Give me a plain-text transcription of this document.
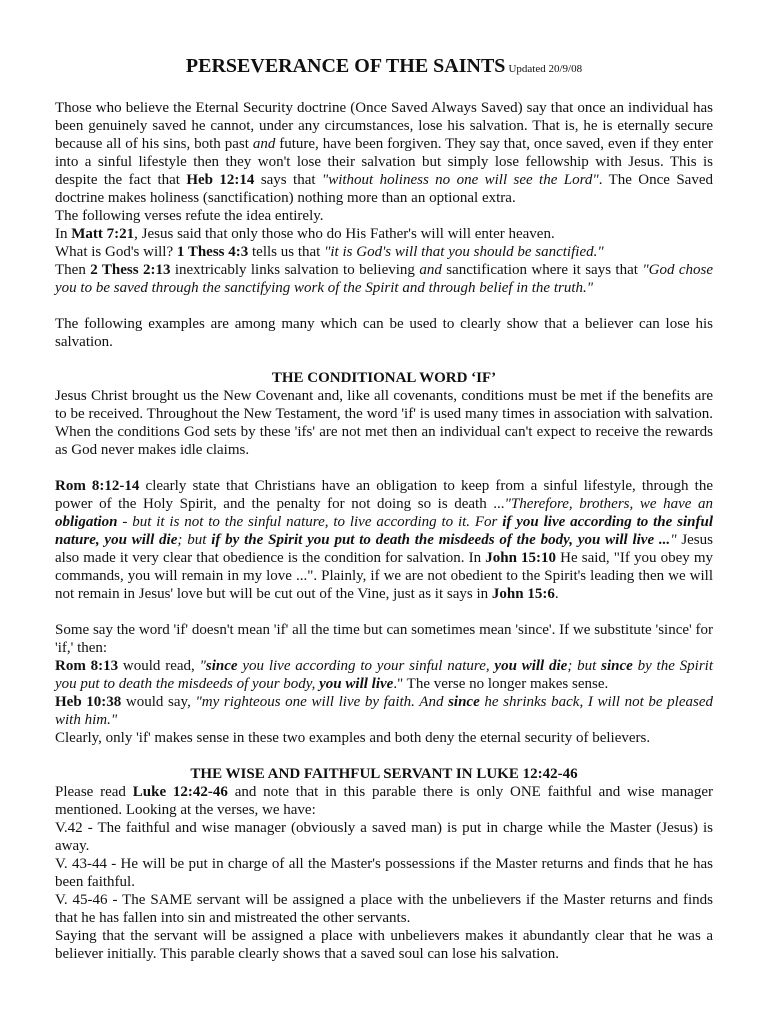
PERSEVERANCE OF THE SAINTS Updated 20/9/08

Those who believe the Eternal Security doctrine (Once Saved Always Saved) say that once an individual has been genuinely saved he cannot, under any circumstances, lose his salvation. That is, he is eternally secure because all of his sins, both past and future, have been forgiven. They say that, once saved, even if they enter into a sinful lifestyle then they won't lose their salvation but simply lose fellowship with Jesus. This is despite the fact that Heb 12:14 says that "without holiness no one will see the Lord". The Once Saved doctrine makes holiness (sanctification) nothing more than an optional extra.

The following verses refute the idea entirely.

In Matt 7:21, Jesus said that only those who do His Father's will will enter heaven.

What is God's will? 1 Thess 4:3 tells us that "it is God's will that you should be sanctified."

Then 2 Thess 2:13 inextricably links salvation to believing and sanctification where it says that "God chose you to be saved through the sanctifying work of the Spirit and through belief in the truth."

The following examples are among many which can be used to clearly show that a believer can lose his salvation.

THE CONDITIONAL WORD ‘IF’

Jesus Christ brought us the New Covenant and, like all covenants, conditions must be met if the benefits are to be received. Throughout the New Testament, the word 'if' is used many times in association with salvation. When the conditions God sets by these 'ifs' are not met then an individual can't expect to receive the rewards as God never makes idle claims.

Rom 8:12-14 clearly state that Christians have an obligation to keep from a sinful lifestyle, through the power of the Holy Spirit, and the penalty for not doing so is death ..."Therefore, brothers, we have an obligation - but it is not to the sinful nature, to live according to it. For if you live according to the sinful nature, you will die; but if by the Spirit you put to death the misdeeds of the body, you will live ..." Jesus also made it very clear that obedience is the condition for salvation. In John 15:10 He said, "If you obey my commands, you will remain in my love ...". Plainly, if we are not obedient to the Spirit's leading then we will not remain in Jesus' love but will be cut out of the Vine, just as it says in John 15:6.

Some say the word 'if' doesn't mean 'if' all the time but can sometimes mean 'since'. If we substitute 'since' for 'if,' then:

Rom 8:13 would read, "since you live according to your sinful nature, you will die; but since by the Spirit you put to death the misdeeds of your body, you will live." The verse no longer makes sense.

Heb 10:38 would say, "my righteous one will live by faith. And since he shrinks back, I will not be pleased with him."

Clearly, only 'if' makes sense in these two examples and both deny the eternal security of believers.

THE WISE AND FAITHFUL SERVANT IN LUKE 12:42-46

Please read Luke 12:42-46 and note that in this parable there is only ONE faithful and wise manager mentioned. Looking at the verses, we have:

V.42 - The faithful and wise manager (obviously a saved man) is put in charge while the Master (Jesus) is away.

V. 43-44 - He will be put in charge of all the Master's possessions if the Master returns and finds that he has been faithful.

V. 45-46 - The SAME servant will be assigned a place with the unbelievers if the Master returns and finds that he has fallen into sin and mistreated the other servants.

Saying that the servant will be assigned a place with unbelievers makes it abundantly clear that he was a believer initially. This parable clearly shows that a saved soul can lose his salvation.
